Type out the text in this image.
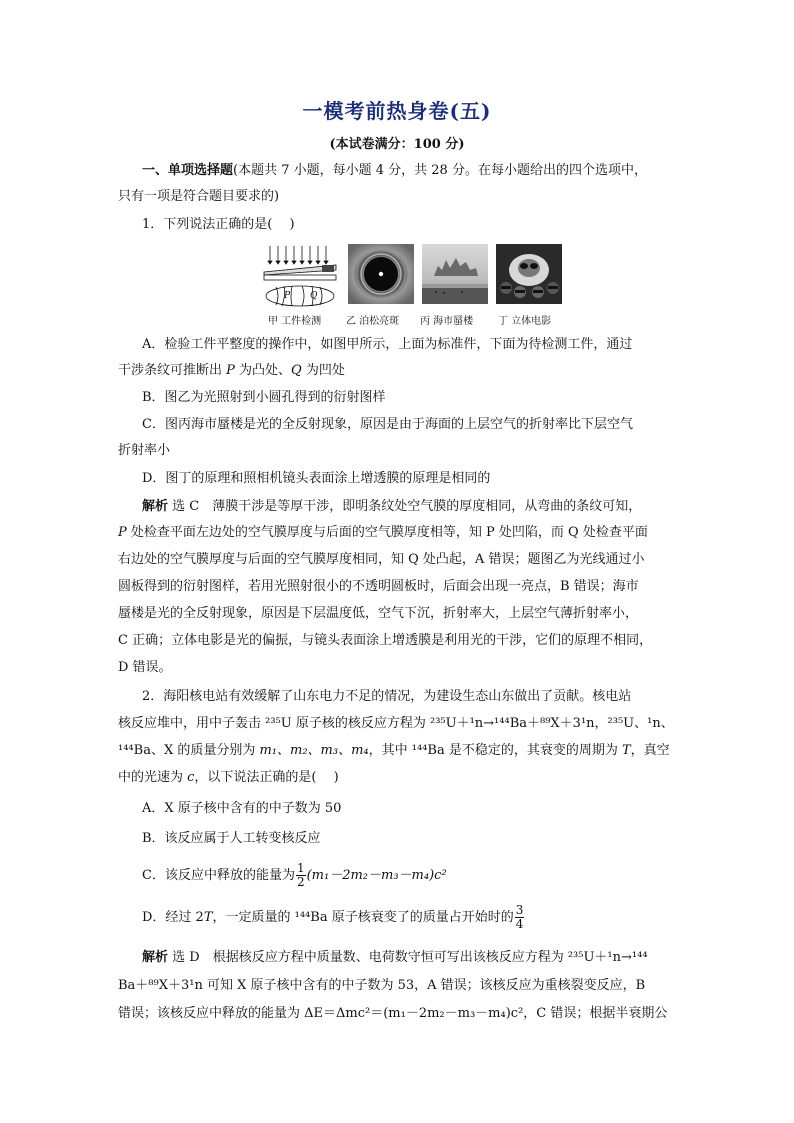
一模考前热身卷(五)
(本试卷满分：100 分)
一、单项选择题(本题共 7 小题，每小题 4 分，共 28 分。在每小题给出的四个选项中，
只有一项是符合题目要求的)
1．下列说法正确的是(　 )
P Q
甲 工件检测 乙 泊松亮斑 丙 海市蜃楼 丁 立体电影
A．检验工件平整度的操作中，如图甲所示，上面为标准件，下面为待检测工件，通过
干涉条纹可推断出 P 为凸处、Q 为凹处
B．图乙为光照射到小圆孔得到的衍射图样
C．图丙海市蜃楼是光的全反射现象，原因是由于海面的上层空气的折射率比下层空气
折射率小
D．图丁的原理和照相机镜头表面涂上增透膜的原理是相同的
解析 选 C　薄膜干涉是等厚干涉，即明条纹处空气膜的厚度相同，从弯曲的条纹可知，
P 处检查平面左边处的空气膜厚度与后面的空气膜厚度相等，知 P 处凹陷，而 Q 处检查平面
右边处的空气膜厚度与后面的空气膜厚度相同，知 Q 处凸起，A 错误；题图乙为光线通过小
圆板得到的衍射图样，若用光照射很小的不透明圆板时，后面会出现一亮点，B 错误；海市
蜃楼是光的全反射现象，原因是下层温度低，空气下沉，折射率大，上层空气薄折射率小，
C 正确；立体电影是光的偏振，与镜头表面涂上增透膜是利用光的干涉，它们的原理不相同，
D 错误。
2．海阳核电站有效缓解了山东电力不足的情况，为建设生态山东做出了贡献。核电站
核反应堆中，用中子轰击 ²³⁵U 原子核的核反应方程为 ²³⁵U＋¹n→¹⁴⁴Ba＋⁸⁹X＋3¹n，²³⁵U、¹n、
¹⁴⁴Ba、X 的质量分别为 m₁、m₂、m₃、m₄，其中 ¹⁴⁴Ba 是不稳定的，其衰变的周期为 T，真空
中的光速为 c，以下说法正确的是(　 )
A．X 原子核中含有的中子数为 50
B．该反应属于人工转变核反应
C．该反应中释放的能量为 $\frac{1}{2} (m_1-2m_2-m_3-m_4)c^2$
D．经过 2T，一定质量的 ¹⁴⁴Ba 原子核衰变了的质量占开始时的 $\frac{3}{4}$
解析 选 D　根据核反应方程中质量数、电荷数守恒可写出该核反应方程为 ²³⁵U＋¹n→¹⁴⁴
Ba＋⁸⁹X＋3¹n 可知 X 原子核中含有的中子数为 53，A 错误；该核反应为重核裂变反应，B
错误；该核反应中释放的能量为 ΔE＝Δmc²＝(m₁－2m₂－m₃－m₄)c²，C 错误；根据半衰期公
